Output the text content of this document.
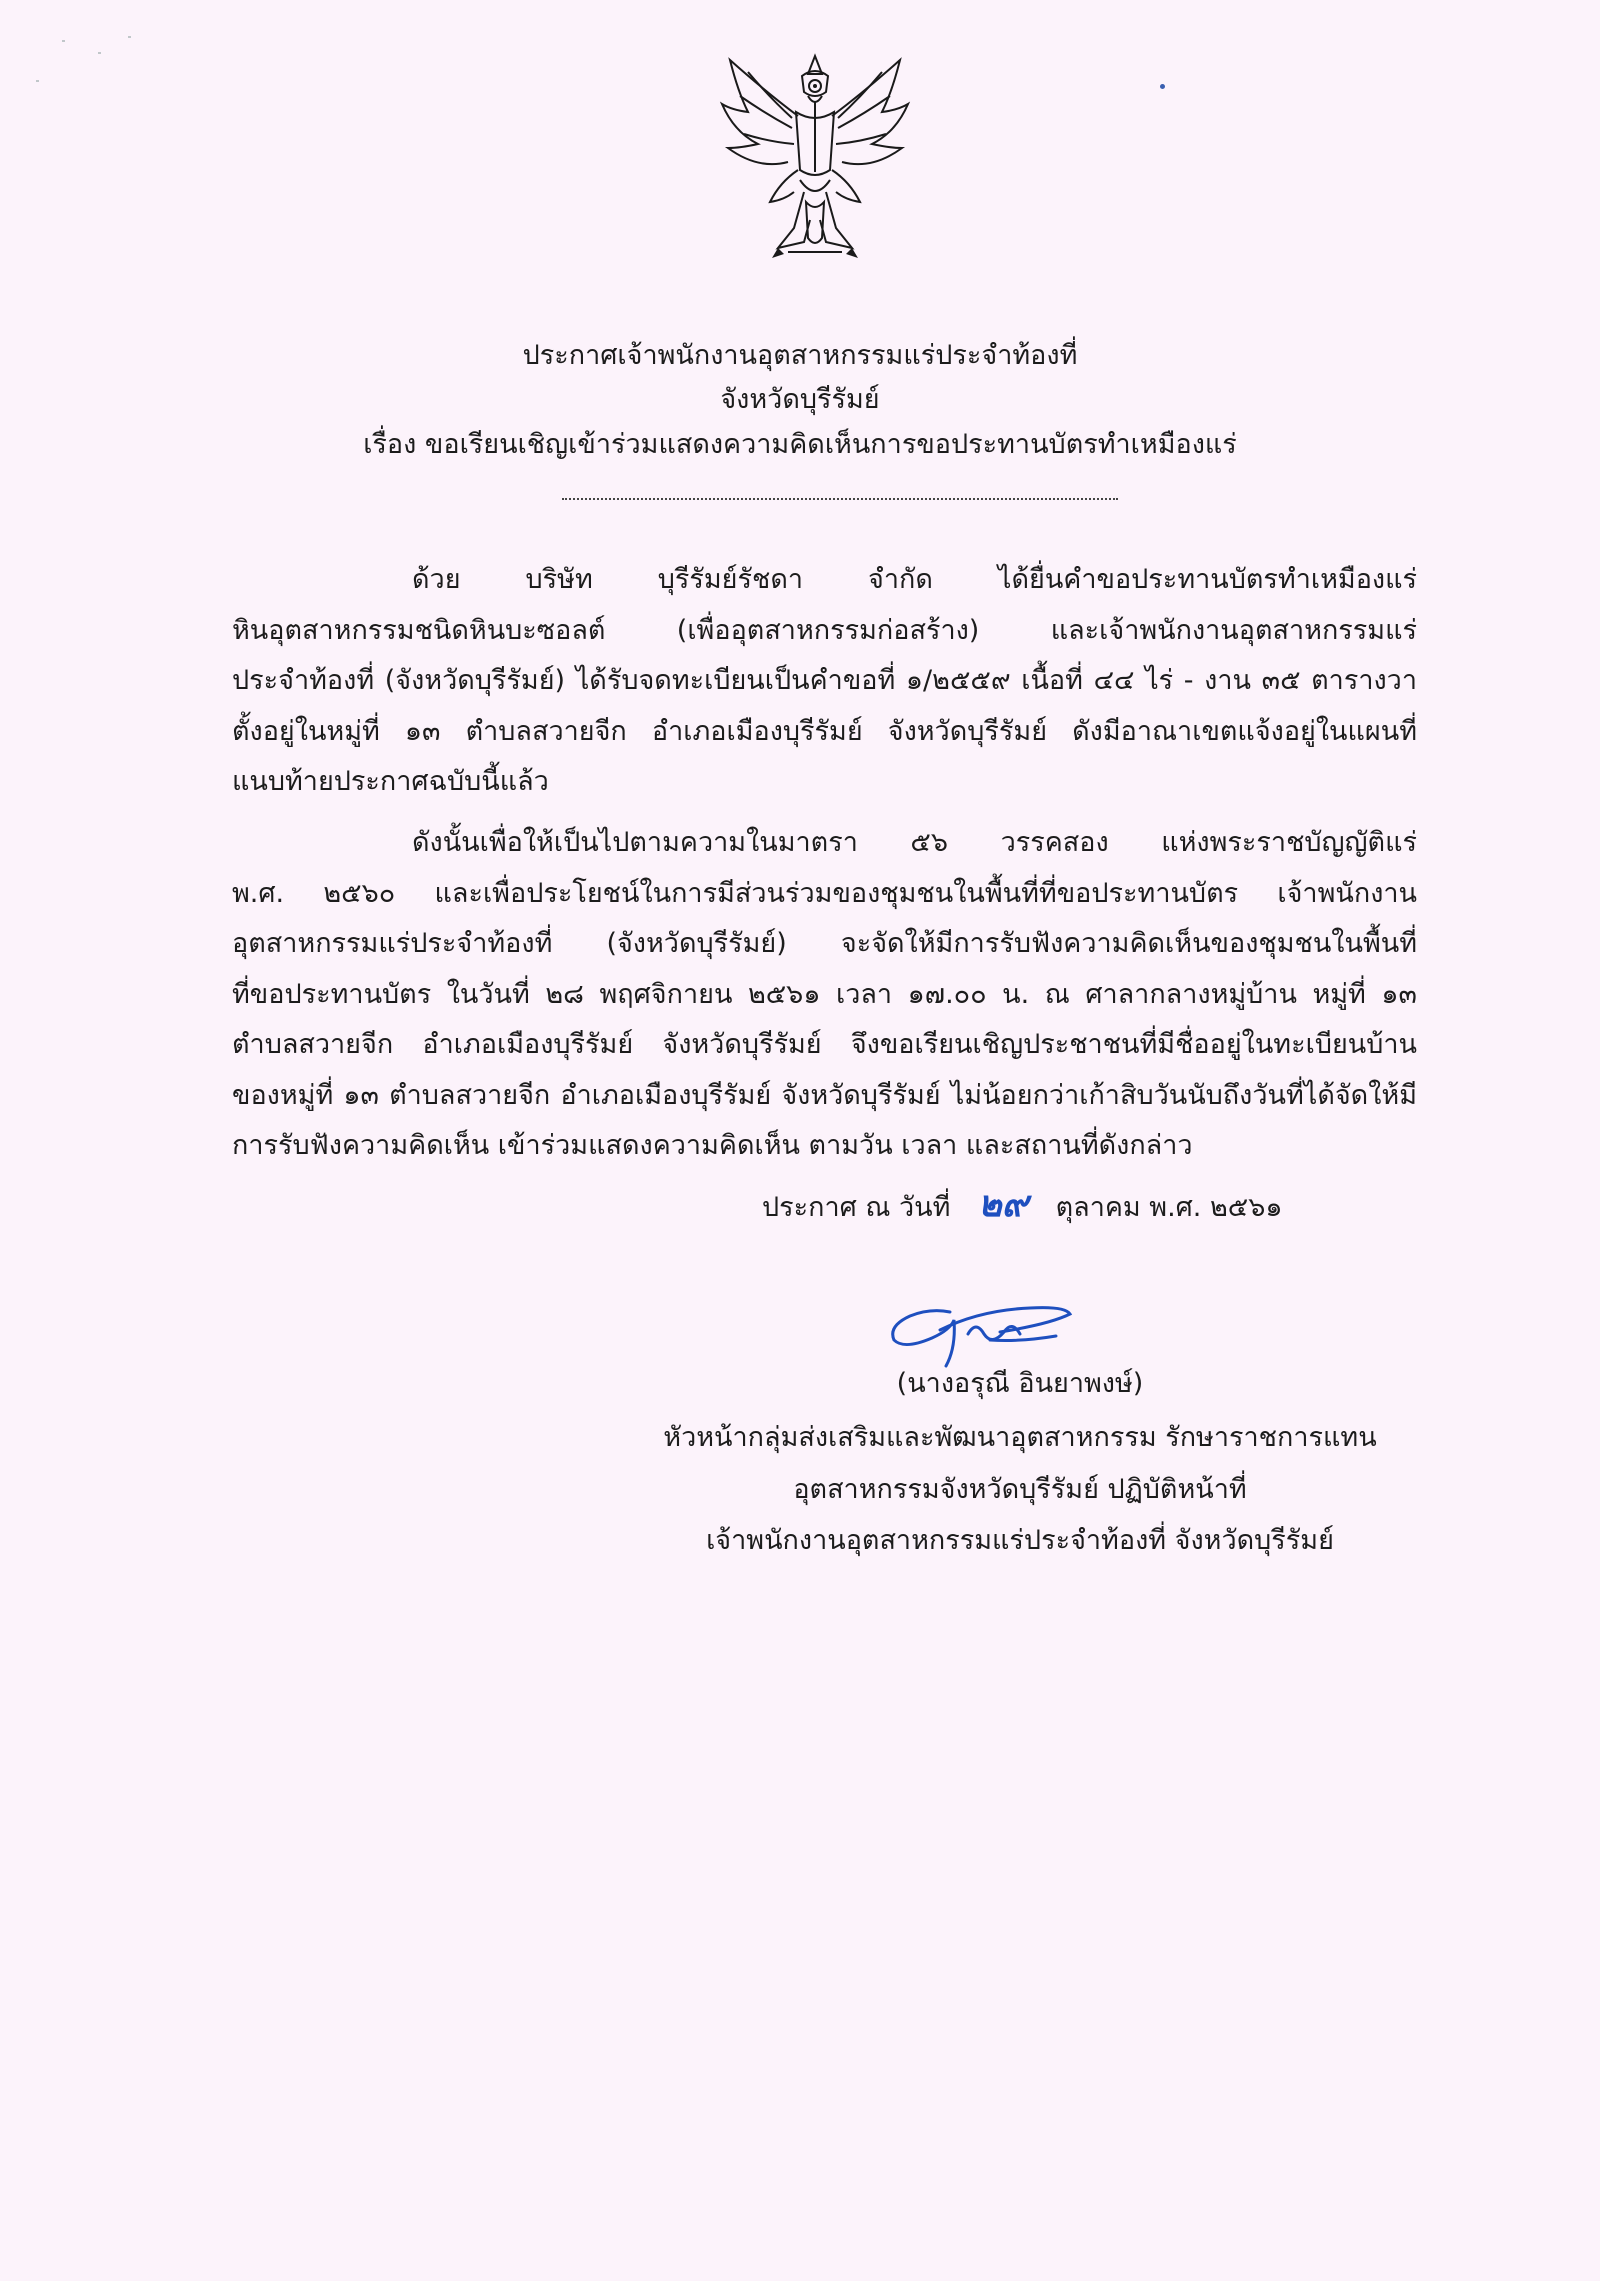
ประกาศเจ้าพนักงานอุตสาหกรรมแร่ประจำท้องที่
จังหวัดบุรีรัมย์
เรื่อง ขอเรียนเชิญเข้าร่วมแสดงความคิดเห็นการขอประทานบัตรทำเหมืองแร่
ด้วย บริษัท บุรีรัมย์รัชดา จำกัด ได้ยื่นคำขอประทานบัตรทำเหมืองแร่
หินอุตสาหกรรมชนิดหินบะซอลต์ (เพื่ออุตสาหกรรมก่อสร้าง) และเจ้าพนักงานอุตสาหกรรมแร่
ประจำท้องที่ (จังหวัดบุรีรัมย์) ได้รับจดทะเบียนเป็นคำขอที่ ๑/๒๕๕๙ เนื้อที่ ๔๔ ไร่ - งาน ๓๕ ตารางวา
ตั้งอยู่ในหมู่ที่ ๑๓ ตำบลสวายจีก อำเภอเมืองบุรีรัมย์ จังหวัดบุรีรัมย์ ดังมีอาณาเขตแจ้งอยู่ในแผนที่
แนบท้ายประกาศฉบับนี้แล้ว
ดังนั้นเพื่อให้เป็นไปตามความในมาตรา ๕๖ วรรคสอง แห่งพระราชบัญญัติแร่
พ.ศ. ๒๕๖๐ และเพื่อประโยชน์ในการมีส่วนร่วมของชุมชนในพื้นที่ที่ขอประทานบัตร เจ้าพนักงาน
อุตสาหกรรมแร่ประจำท้องที่ (จังหวัดบุรีรัมย์) จะจัดให้มีการรับฟังความคิดเห็นของชุมชนในพื้นที่
ที่ขอประทานบัตร ในวันที่ ๒๘ พฤศจิกายน ๒๕๖๑ เวลา ๑๗.๐๐ น. ณ ศาลากลางหมู่บ้าน หมู่ที่ ๑๓
ตำบลสวายจีก อำเภอเมืองบุรีรัมย์ จังหวัดบุรีรัมย์ จึงขอเรียนเชิญประชาชนที่มีชื่ออยู่ในทะเบียนบ้าน
ของหมู่ที่ ๑๓ ตำบลสวายจีก อำเภอเมืองบุรีรัมย์ จังหวัดบุรีรัมย์ ไม่น้อยกว่าเก้าสิบวันนับถึงวันที่ได้จัดให้มี
การรับฟังความคิดเห็น เข้าร่วมแสดงความคิดเห็น ตามวัน เวลา และสถานที่ดังกล่าว
ประกาศ ณ วันที่ ๒๙ ตุลาคม พ.ศ. ๒๕๖๑
(นางอรุณี อินยาพงษ์)
หัวหน้ากลุ่มส่งเสริมและพัฒนาอุตสาหกรรม รักษาราชการแทน
อุตสาหกรรมจังหวัดบุรีรัมย์ ปฏิบัติหน้าที่
เจ้าพนักงานอุตสาหกรรมแร่ประจำท้องที่ จังหวัดบุรีรัมย์
